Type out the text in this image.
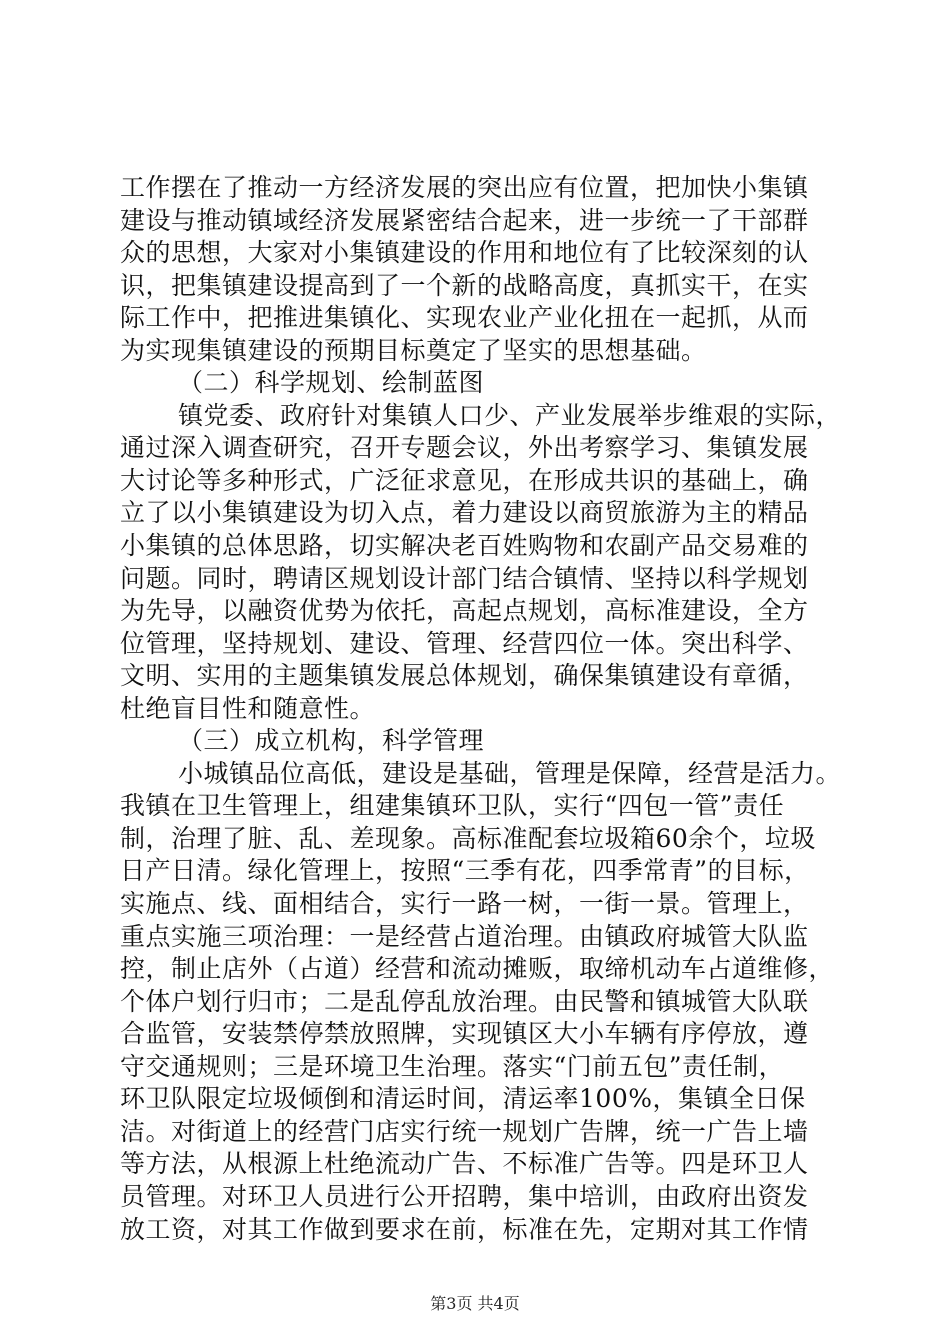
工作摆在了推动一方经济发展的突出应有位置，把加快小集镇
建设与推动镇域经济发展紧密结合起来，进一步统一了干部群
众的思想，大家对小集镇建设的作用和地位有了比较深刻的认
识，把集镇建设提高到了一个新的战略高度，真抓实干，在实
际工作中，把推进集镇化、实现农业产业化扭在一起抓，从而
为实现集镇建设的预期目标奠定了坚实的思想基础。
（二）科学规划、绘制蓝图
镇党委、政府针对集镇人口少、产业发展举步维艰的实际，
通过深入调查研究，召开专题会议，外出考察学习、集镇发展
大讨论等多种形式，广泛征求意见，在形成共识的基础上，确
立了以小集镇建设为切入点，着力建设以商贸旅游为主的精品
小集镇的总体思路，切实解决老百姓购物和农副产品交易难的
问题。同时，聘请区规划设计部门结合镇情、坚持以科学规划
为先导，以融资优势为依托，高起点规划，高标准建设，全方
位管理，坚持规划、建设、管理、经营四位一体。突出科学、
文明、实用的主题集镇发展总体规划，确保集镇建设有章循，
杜绝盲目性和随意性。
（三）成立机构，科学管理
小城镇品位高低，建设是基础，管理是保障，经营是活力。
我镇在卫生管理上，组建集镇环卫队，实行“四包一管”责任
制，治理了脏、乱、差现象。高标准配套垃圾箱60余个，垃圾
日产日清。绿化管理上，按照“三季有花，四季常青”的目标，
实施点、线、面相结合，实行一路一树，一街一景。管理上，
重点实施三项治理：一是经营占道治理。由镇政府城管大队监
控，制止店外（占道）经营和流动摊贩，取缔机动车占道维修，
个体户划行归市；二是乱停乱放治理。由民警和镇城管大队联
合监管，安装禁停禁放照牌，实现镇区大小车辆有序停放，遵
守交通规则；三是环境卫生治理。落实“门前五包”责任制，
环卫队限定垃圾倾倒和清运时间，清运率100%，集镇全日保
洁。对街道上的经营门店实行统一规划广告牌，统一广告上墙
等方法，从根源上杜绝流动广告、不标准广告等。四是环卫人
员管理。对环卫人员进行公开招聘，集中培训，由政府出资发
放工资，对其工作做到要求在前，标准在先，定期对其工作情
第3页 共4页
